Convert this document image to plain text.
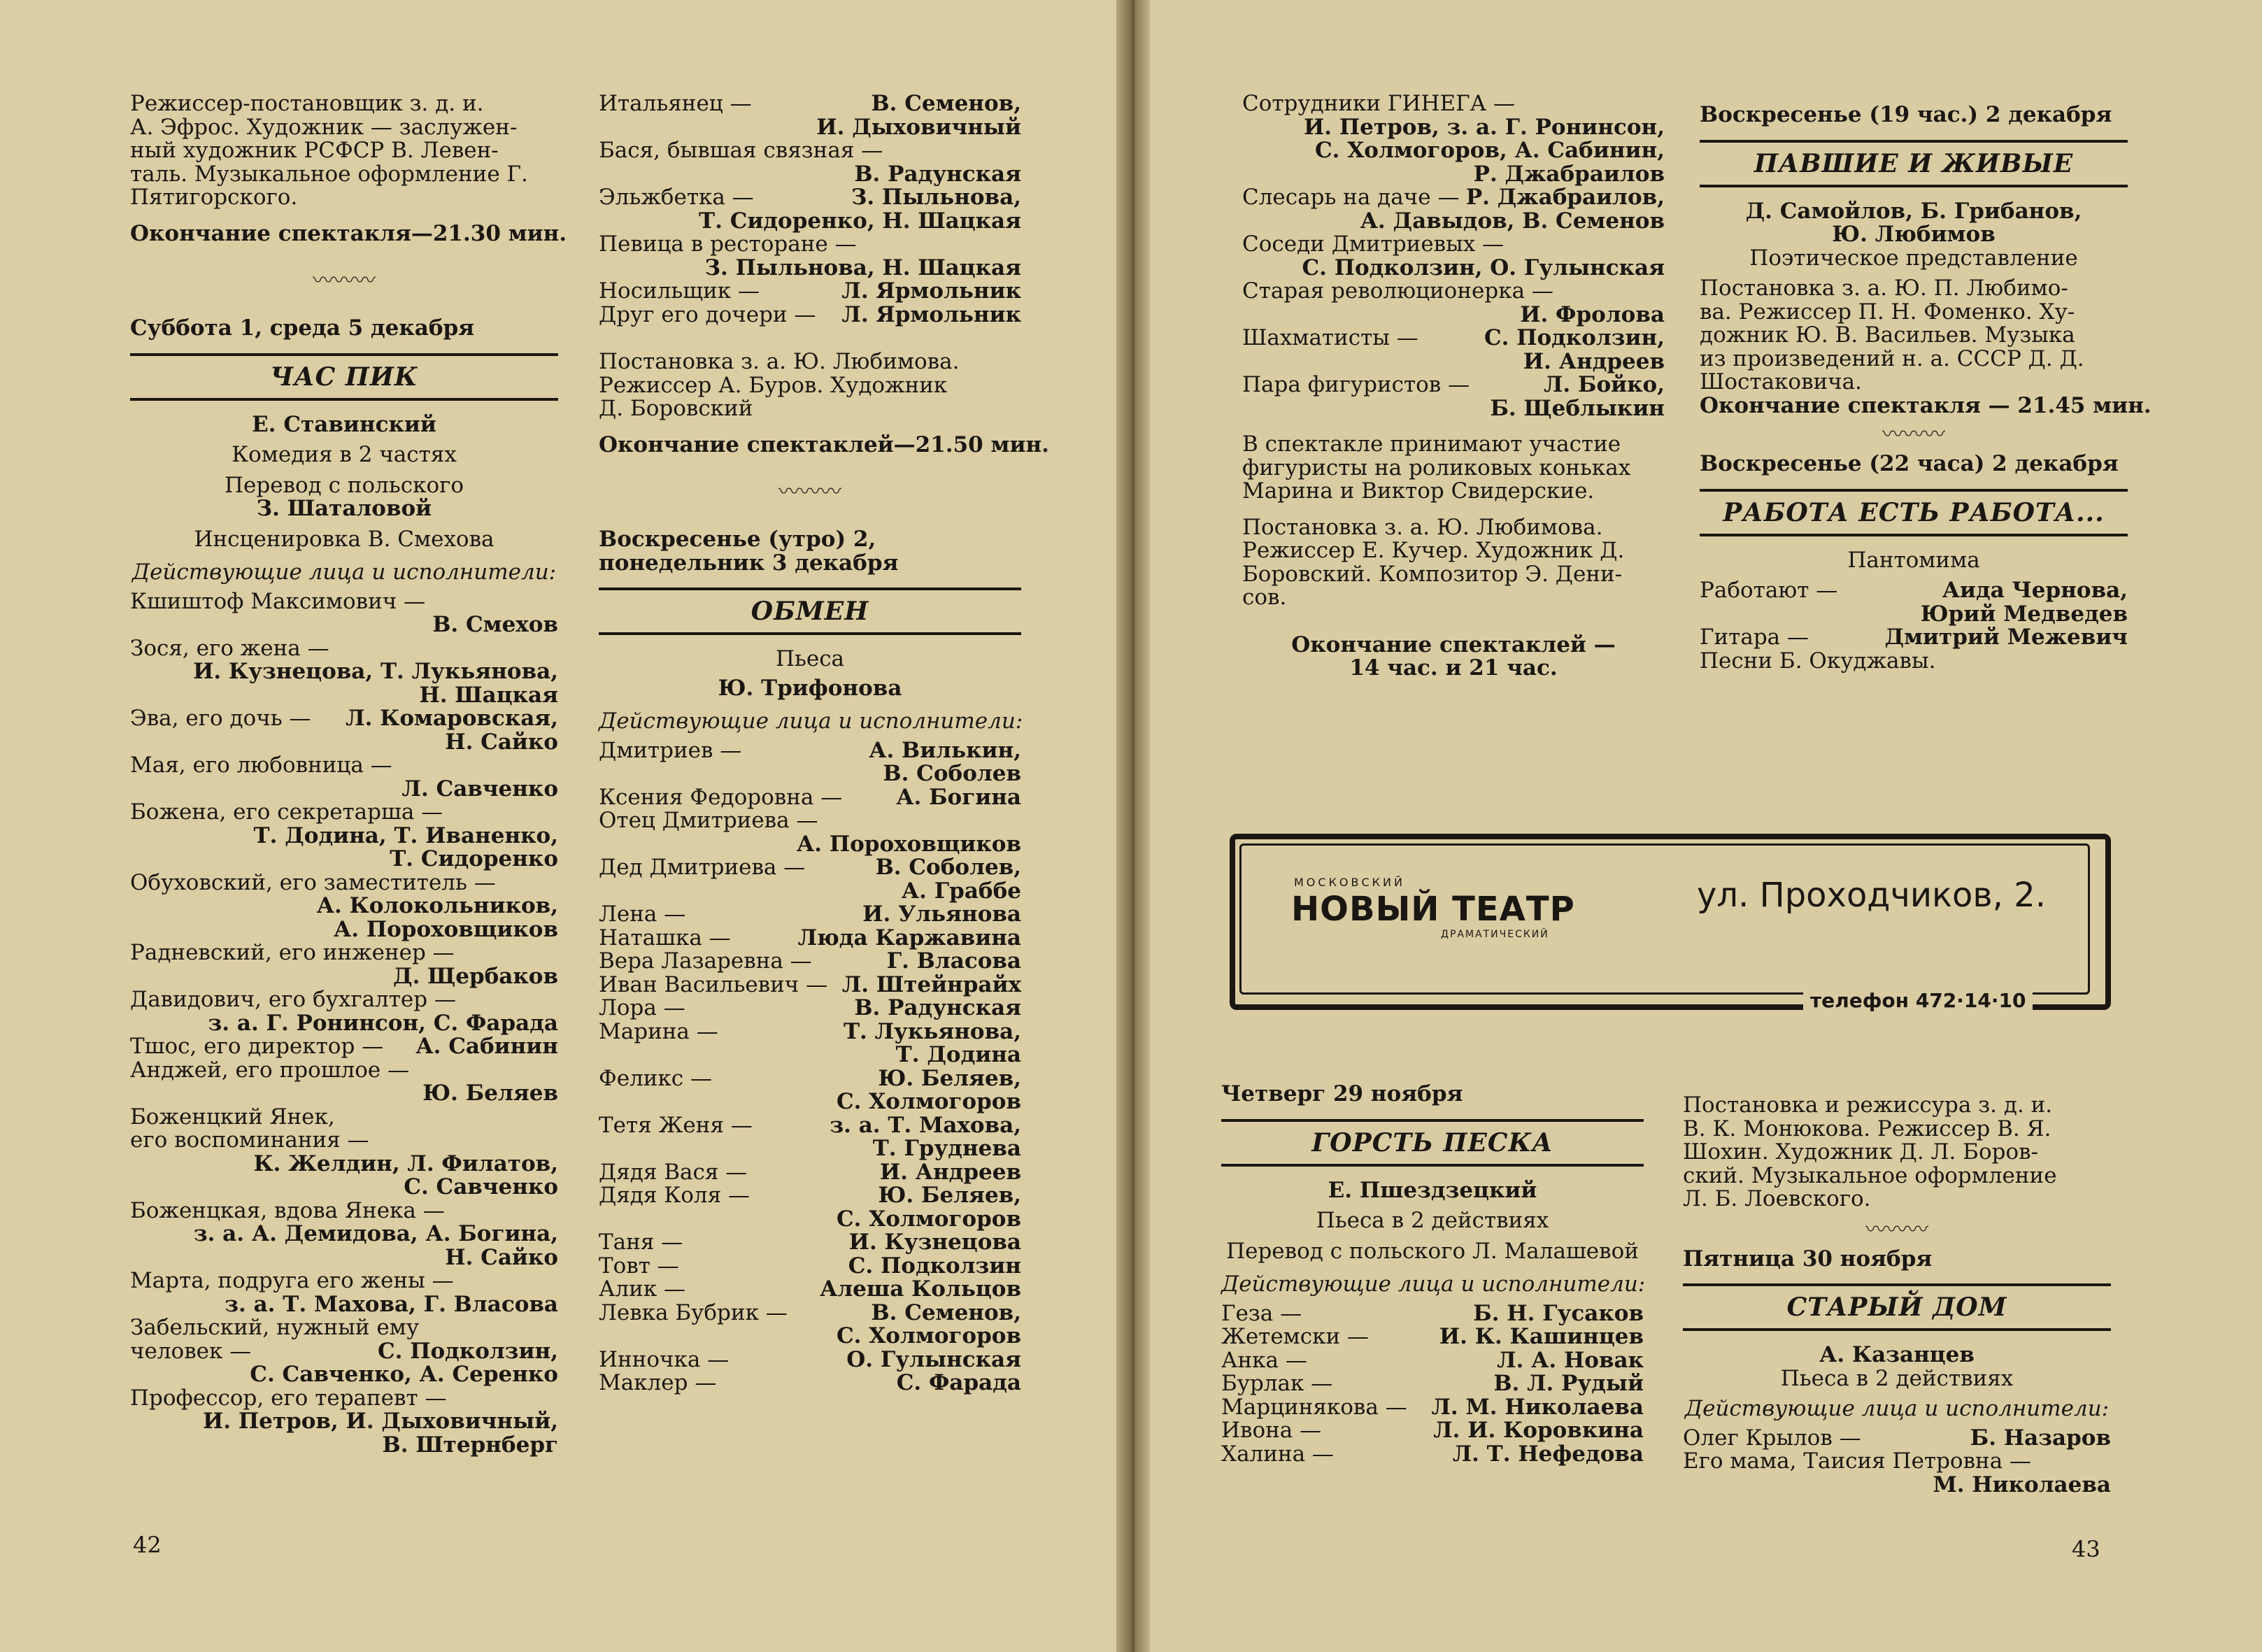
Режиссер-постановщик з. д. и.
А. Эфрос. Художник — заслужен-
ный художник РСФСР В. Левен-
таль. Музыкальное оформление Г.
Пятигорского.
Окончание спектакля—21.30 мин.
〰〰〰
Суббота 1, среда 5 декабря
ЧАС ПИК
Е. Ставинский
Комедия в 2 частях
Перевод с польского
З. Шаталовой
Инсценировка В. Смехова
Действующие лица и исполнители:
Кшиштоф Максимович —
В. Смехов
Зося, его жена —
И. Кузнецова, Т. Лукьянова,
Н. Шацкая
Эва, его дочь — Л. Комаровская,
Н. Сайко
Мая, его любовница —
Л. Савченко
Божена, его секретарша —
Т. Додина, Т. Иваненко,
Т. Сидоренко
Обуховский, его заместитель —
А. Колокольников,
А. Пороховщиков
Радневский, его инженер —
Д. Щербаков
Давидович, его бухгалтер —
з. а. Г. Ронинсон, С. Фарада
Тшос, его директор — А. Сабинин
Анджей, его прошлое —
Ю. Беляев
Боженцкий Янек,
его воспоминания —
К. Желдин, Л. Филатов,
С. Савченко
Боженцкая, вдова Янека —
з. а. А. Демидова, А. Богина,
Н. Сайко
Марта, подруга его жены —
з. а. Т. Махова, Г. Власова
Забельский, нужный ему
человек —	С. Подколзин,
С. Савченко, А. Серенко
Профессор, его терапевт —
И. Петров, И. Дыховичный,
В. Штернберг
Итальянец —	В. Семенов,
И. Дыховичный
Бася, бывшая связная —
В. Радунская
Эльжбетка —	З. Пыльнова,
Т. Сидоренко, Н. Шацкая
Певица в ресторане —
З. Пыльнова, Н. Шацкая
Носильщик —	Л. Ярмольник
Друг его дочери — Л. Ярмольник
Постановка з. а. Ю. Любимова.
Режиссер А. Буров. Художник
Д. Боровский
Окончание спектаклей—21.50 мин.
〰〰〰
Воскресенье (утро) 2,
понедельник 3 декабря
ОБМЕН
Пьеса
Ю. Трифонова
Действующие лица и исполнители:
Дмитриев —	А. Вилькин,
В. Соболев
Ксения Федоровна — А. Богина
Отец Дмитриева —
А. Пороховщиков
Дед Дмитриева —	В. Соболев,
А. Граббе
Лена —	И. Ульянова
Наташка —	Люда Каржавина
Вера Лазаревна —	Г. Власова
Иван Васильевич — Л. Штейнрайх
Лора —	В. Радунская
Марина —	Т. Лукьянова,
Т. Додина
Феликс —	Ю. Беляев,
С. Холмогоров
Тетя Женя —	з. а. Т. Махова,
Т. Груднева
Дядя Вася —	И. Андреев
Дядя Коля —	Ю. Беляев,
С. Холмогоров
Таня —	И. Кузнецова
Товт —	С. Подколзин
Алик —	Алеша Кольцов
Левка Бубрик —	В. Семенов,
С. Холмогоров
Инночка —	О. Гулынская
Маклер —	С. Фарада
42
Сотрудники ГИНЕГА —
И. Петров, з. а. Г. Ронинсон,
С. Холмогоров, А. Сабинин,
Р. Джабраилов
Слесарь на даче — Р. Джабраилов,
А. Давыдов, В. Семенов
Соседи Дмитриевых —
С. Подколзин, О. Гулынская
Старая революционерка —
И. Фролова
Шахматисты —	С. Подколзин,
И. Андреев
Пара фигуристов —	Л. Бойко,
Б. Щеблыкин
В спектакле принимают участие
фигуристы на роликовых коньках
Марина и Виктор Свидерские.
Постановка з. а. Ю. Любимова.
Режиссер Е. Кучер. Художник Д.
Боровский. Композитор Э. Дени-
сов.
Окончание спектаклей —
14 час. и 21 час.
Воскресенье (19 час.) 2 декабря
ПАВШИЕ И ЖИВЫЕ
Д. Самойлов, Б. Грибанов,
Ю. Любимов
Поэтическое представление
Постановка з. а. Ю. П. Любимо-
ва. Режиссер П. Н. Фоменко. Ху-
дожник Ю. В. Васильев. Музыка
из произведений н. а. СССР Д. Д.
Шостаковича.
Окончание спектакля — 21.45 мин.
〰〰〰
Воскресенье (22 часа) 2 декабря
РАБОТА ЕСТЬ РАБОТА...
Пантомима
Работают —	Аида Чернова,
Юрий Медведев
Гитара —	Дмитрий Межевич
Песни Б. Окуджавы.
МОСКОВСКИЙ
НОВЫЙ ТЕАТР
ДРАМАТИЧЕСКИЙ
ул. Проходчиков, 2.
телефон 472·14·10
Четверг 29 ноября
ГОРСТЬ ПЕСКА
Е. Пшездзецкий
Пьеса в 2 действиях
Перевод с польского Л. Малашевой
Действующие лица и исполнители:
Геза —	Б. Н. Гусаков
Жетемски —	И. К. Кашинцев
Анка —	Л. А. Новак
Бурлак —	В. Л. Рудый
Марцинякова — Л. М. Николаева
Ивона —	Л. И. Коровкина
Халина —	Л. Т. Нефедова
Постановка и режиссура з. д. и.
В. К. Монюкова. Режиссер В. Я.
Шохин. Художник Д. Л. Боров-
ский. Музыкальное оформление
Л. Б. Лоевского.
〰〰〰
Пятница 30 ноября
СТАРЫЙ ДОМ
А. Казанцев
Пьеса в 2 действиях
Действующие лица и исполнители:
Олег Крылов —	Б. Назаров
Его мама, Таисия Петровна —
М. Николаева
43
